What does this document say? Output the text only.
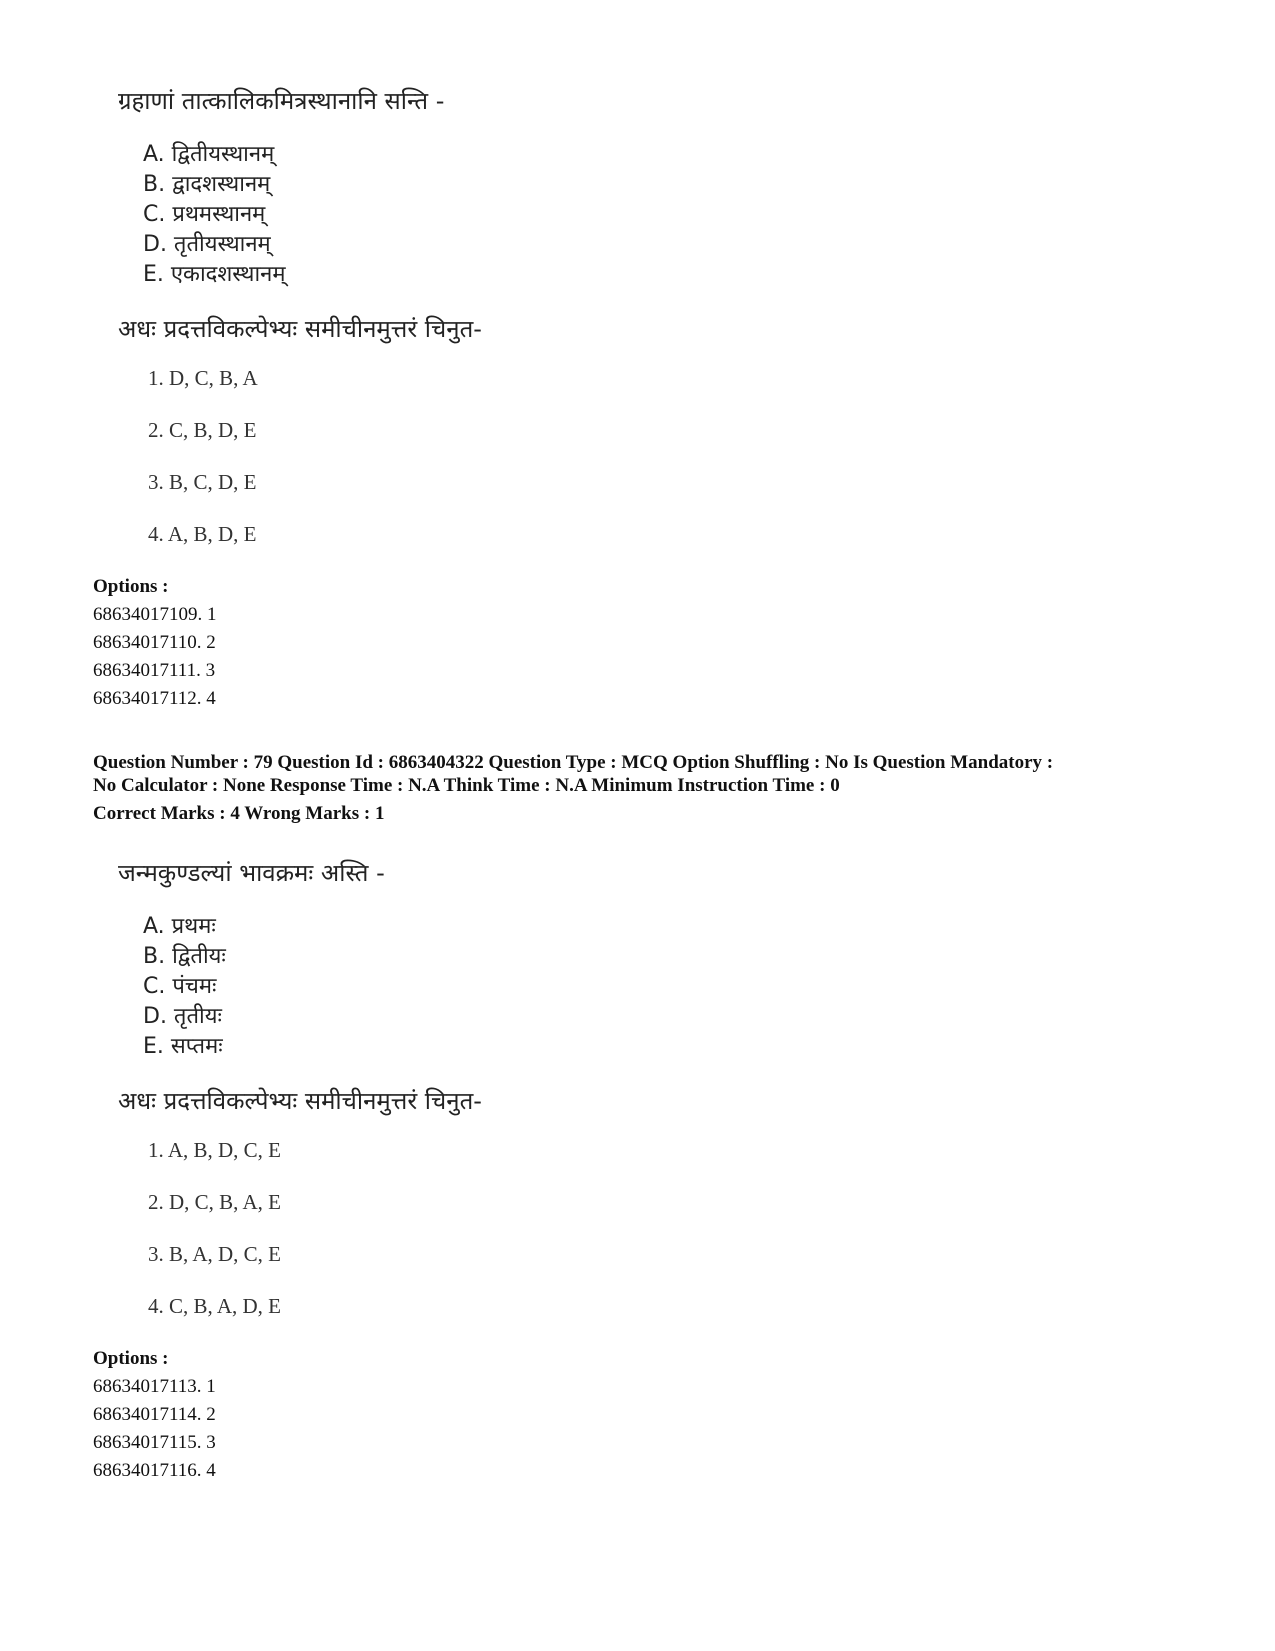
ग्रहाणां तात्कालिकमित्रस्थानानि सन्ति -
A. द्वितीयस्थानम्
B. द्वादशस्थानम्
C. प्रथमस्थानम्
D. तृतीयस्थानम्
E. एकादशस्थानम्
अधः प्रदत्तविकल्पेभ्यः समीचीनमुत्तरं चिनुत-
1. D, C, B, A
2. C, B, D, E
3. B, C, D, E
4. A, B, D, E
Options :
68634017109. 1
68634017110. 2
68634017111. 3
68634017112. 4
Question Number : 79 Question Id : 6863404322 Question Type : MCQ Option Shuffling : No Is Question Mandatory :
No Calculator : None Response Time : N.A Think Time : N.A Minimum Instruction Time : 0
Correct Marks : 4 Wrong Marks : 1
जन्मकुण्डल्यां भावक्रमः अस्ति -
A. प्रथमः
B. द्वितीयः
C. पंचमः
D. तृतीयः
E. सप्तमः
अधः प्रदत्तविकल्पेभ्यः समीचीनमुत्तरं चिनुत-
1. A, B, D, C, E
2. D, C, B, A, E
3. B, A, D, C, E
4. C, B, A, D, E
Options :
68634017113. 1
68634017114. 2
68634017115. 3
68634017116. 4
